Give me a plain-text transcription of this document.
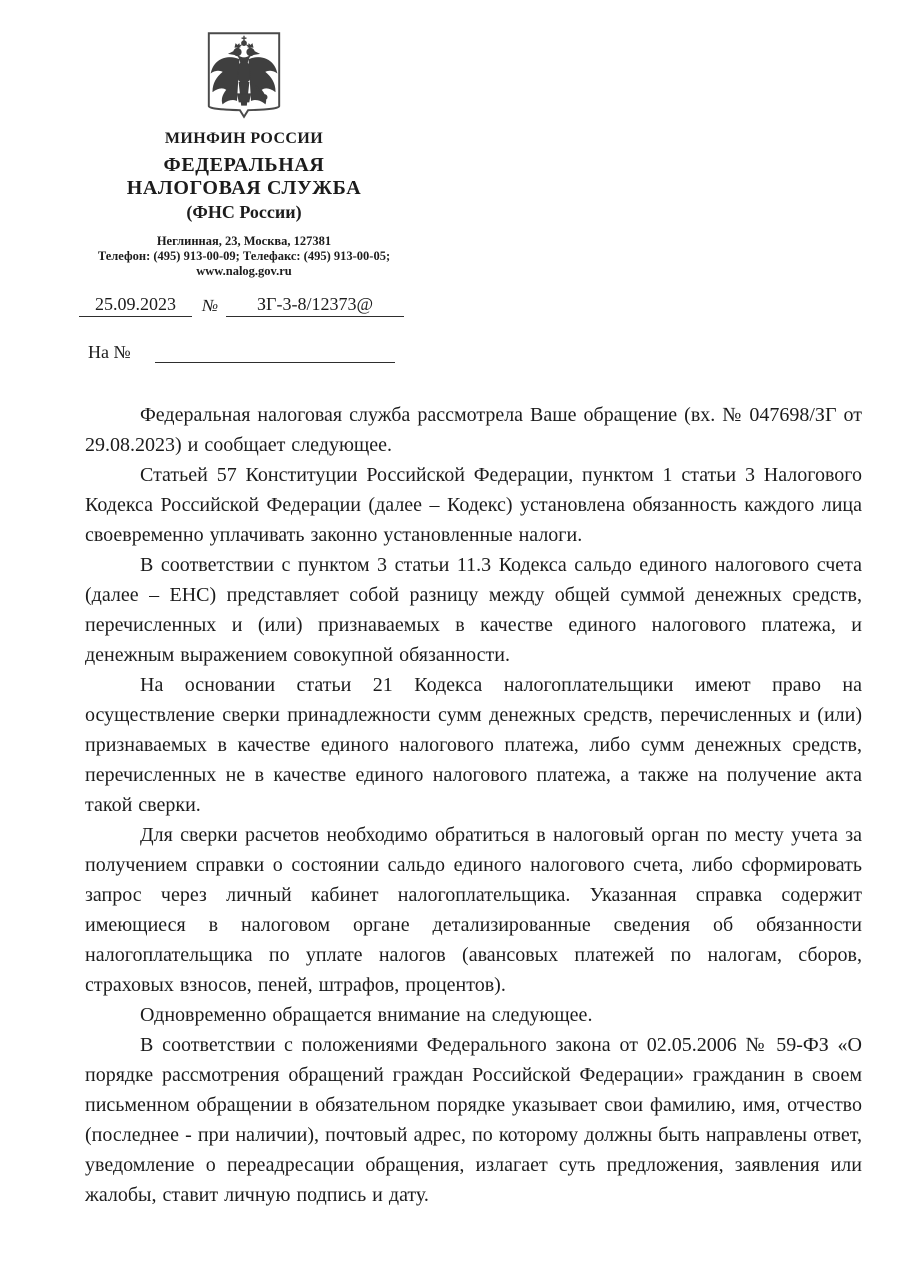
МИНФИН РОССИИ
ФЕДЕРАЛЬНАЯ
НАЛОГОВАЯ СЛУЖБА
(ФНС России)
Неглинная, 23, Москва, 127381
Телефон: (495) 913-00-09; Телефакс: (495) 913-00-05;
www.nalog.gov.ru
25.09.2023	№	ЗГ-3-8/12373@
На №

Федеральная налоговая служба рассмотрела Ваше обращение (вх. № 047698/ЗГ от 29.08.2023) и сообщает следующее.

Статьей 57 Конституции Российской Федерации, пунктом 1 статьи 3 Налогового Кодекса Российской Федерации (далее – Кодекс) установлена обязанность каждого лица своевременно уплачивать законно установленные налоги.

В соответствии с пунктом 3 статьи 11.3 Кодекса сальдо единого налогового счета (далее – ЕНС) представляет собой разницу между общей суммой денежных средств, перечисленных и (или) признаваемых в качестве единого налогового платежа, и денежным выражением совокупной обязанности.

На основании статьи 21 Кодекса налогоплательщики имеют право на осуществление сверки принадлежности сумм денежных средств, перечисленных и (или) признаваемых в качестве единого налогового платежа, либо сумм денежных средств, перечисленных не в качестве единого налогового платежа, а также на получение акта такой сверки.

Для сверки расчетов необходимо обратиться в налоговый орган по месту учета за получением справки о состоянии сальдо единого налогового счета, либо сформировать запрос через личный кабинет налогоплательщика. Указанная справка содержит имеющиеся в налоговом органе детализированные сведения об обязанности налогоплательщика по уплате налогов (авансовых платежей по налогам, сборов, страховых взносов, пеней, штрафов, процентов).

Одновременно обращается внимание на следующее.

В соответствии с положениями Федерального закона от 02.05.2006 № 59-ФЗ «О порядке рассмотрения обращений граждан Российской Федерации» гражданин в своем письменном обращении в обязательном порядке указывает свои фамилию, имя, отчество (последнее - при наличии), почтовый адрес, по которому должны быть направлены ответ, уведомление о переадресации обращения, излагает суть предложения, заявления или жалобы, ставит личную подпись и дату.
